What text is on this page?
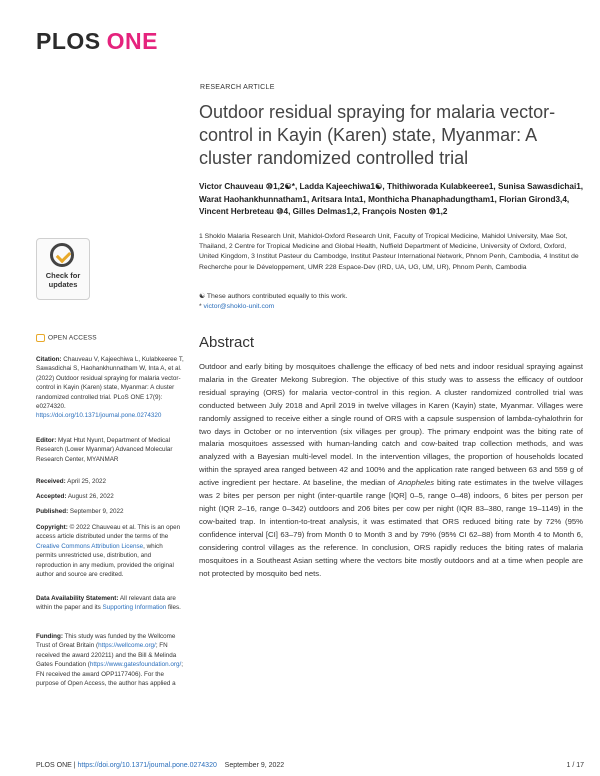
PLOS ONE
Check for
updates
RESEARCH ARTICLE
Outdoor residual spraying for malaria vector-control in Kayin (Karen) state, Myanmar: A cluster randomized controlled trial
Victor Chauveau ⑩1,2☯*, Ladda Kajeechiwa1☯, Thithiworada Kulabkeeree1, Sunisa Sawasdichai1, Warat Haohankhunnatham1, Aritsara Inta1, Monthicha Phanaphadungtham1, Florian Girond3,4, Vincent Herbreteau ⑩4, Gilles Delmas1,2, François Nosten ⑩1,2
1 Shoklo Malaria Research Unit, Mahidol-Oxford Research Unit, Faculty of Tropical Medicine, Mahidol University, Mae Sot, Thailand, 2 Centre for Tropical Medicine and Global Health, Nuffield Department of Medicine, University of Oxford, Oxford, United Kingdom, 3 Institut Pasteur du Cambodge, Institut Pasteur International Network, Phnom Penh, Cambodia, 4 Institut de Recherche pour le Développement, UMR 228 Espace-Dev (IRD, UA, UG, UM, UR), Phnom Penh, Cambodia
☯ These authors contributed equally to this work.
* victor@shoklo-unit.com
Abstract
Outdoor and early biting by mosquitoes challenge the efficacy of bed nets and indoor residual spraying against malaria in the Greater Mekong Subregion. The objective of this study was to assess the efficacy of outdoor residual spraying (ORS) for malaria vector-control in this region. A cluster randomized controlled trial was conducted between July 2018 and April 2019 in twelve villages in Karen (Kayin) state, Myanmar. Villages were randomly assigned to receive either a single round of ORS with a capsule suspension of lambda-cyhalothrin for two days in October or no intervention (six villages per group). The primary endpoint was the biting rate of malaria mosquitoes assessed with human-landing catch and cow-baited trap collection methods, and was analyzed with a Bayesian multi-level model. In the intervention villages, the proportion of households located within the sprayed area ranged between 42 and 100% and the application rate ranged between 63 and 559 g of active ingredient per hectare. At baseline, the median of Anopheles biting rate estimates in the twelve villages was 2 bites per person per night (inter-quartile range [IQR] 0–5, range 0–48) indoors, 6 bites per person per night (IQR 2–16, range 0–342) outdoors and 206 bites per cow per night (IQR 83–380, range 19–1149) in the cow-baited trap. In intention-to-treat analysis, it was estimated that ORS reduced biting rate by 72% (95% confidence interval [CI] 63–79) from Month 0 to Month 3 and by 79% (95% CI 62–88) from Month 4 to Month 6, considering control villages as the reference. In conclusion, ORS rapidly reduces the biting rates of malaria mosquitoes in a Southeast Asian setting where the vectors bite mostly outdoors and at a time when people are not protected by mosquito bed nets.
OPEN ACCESS
Citation: Chauveau V, Kajeechiwa L, Kulabkeeree T, Sawasdichai S, Haohankhunnatham W, Inta A, et al. (2022) Outdoor residual spraying for malaria vector-control in Kayin (Karen) state, Myanmar: A cluster randomized controlled trial. PLoS ONE 17(9): e0274320. https://doi.org/10.1371/journal.pone.0274320
Editor: Myat Htut Nyunt, Department of Medical Research (Lower Myanmar) Advanced Molecular Research Center, MYANMAR
Received: April 25, 2022
Accepted: August 26, 2022
Published: September 9, 2022
Copyright: © 2022 Chauveau et al. This is an open access article distributed under the terms of the Creative Commons Attribution License, which permits unrestricted use, distribution, and reproduction in any medium, provided the original author and source are credited.
Data Availability Statement: All relevant data are within the paper and its Supporting Information files.
Funding: This study was funded by the Wellcome Trust of Great Britain (https://wellcome.org/; FN received the award 220211) and the Bill & Melinda Gates Foundation (https://www.gatesfoundation.org/; FN received the award OPP1177406). For the purpose of Open Access, the author has applied a
PLOS ONE | https://doi.org/10.1371/journal.pone.0274320 September 9, 2022	1 / 17
